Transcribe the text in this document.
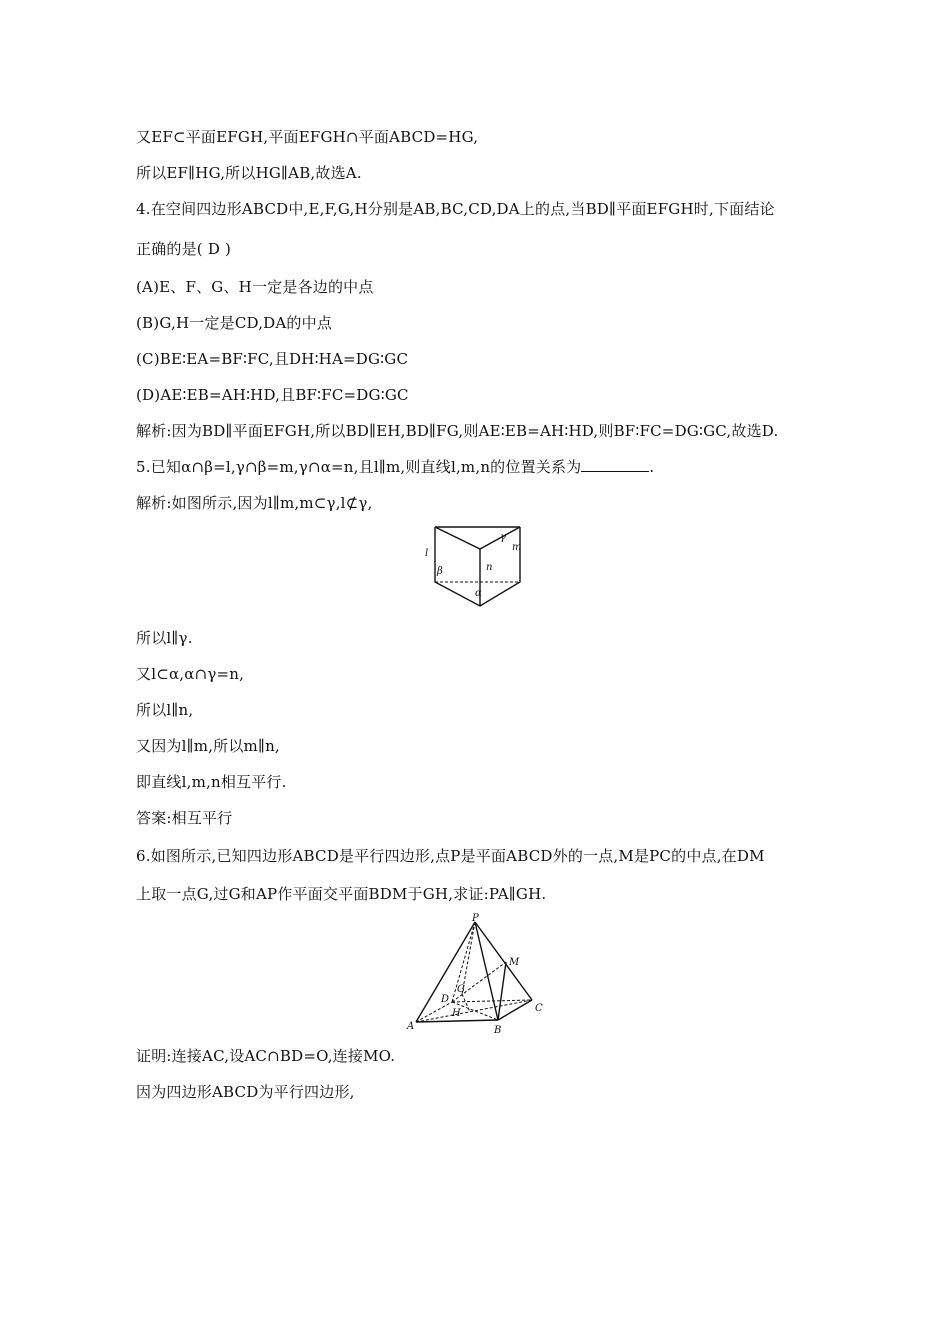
又EF⊂平面EFGH,平面EFGH∩平面ABCD=HG,
所以EF∥HG,所以HG∥AB,故选A.
4.在空间四边形ABCD中,E,F,G,H分别是AB,BC,CD,DA上的点,当BD∥平面EFGH时,下面结论
正确的是( D )
(A)E、F、G、H一定是各边的中点
(B)G,H一定是CD,DA的中点
(C)BE∶EA=BF∶FC,且DH∶HA=DG∶GC
(D)AE∶EB=AH∶HD,且BF∶FC=DG∶GC
解析:因为BD∥平面EFGH,所以BD∥EH,BD∥FG,则AE∶EB=AH∶HD,则BF∶FC=DG∶GC,故选D.
5.已知α∩β=l,γ∩β=m,γ∩α=n,且l∥m,则直线l,m,n的位置关系为	.
解析:如图所示,因为l∥m,m⊂γ,l⊄γ,
l
m
n
α
β
γ
所以l∥γ.
又l⊂α,α∩γ=n,
所以l∥n,
又因为l∥m,所以m∥n,
即直线l,m,n相互平行.
答案:相互平行
6.如图所示,已知四边形ABCD是平行四边形,点P是平面ABCD外的一点,M是PC的中点,在DM
上取一点G,过G和AP作平面交平面BDM于GH,求证:PA∥GH.
P
M
G
D
C
H
A	B
证明:连接AC,设AC∩BD=O,连接MO.
因为四边形ABCD为平行四边形,
